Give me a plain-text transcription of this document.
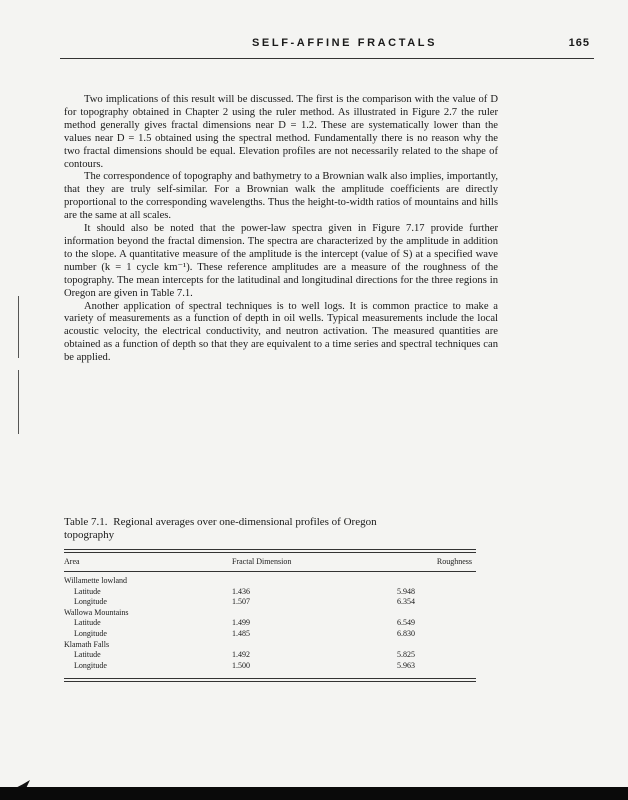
SELF-AFFINE FRACTALS	165

Two implications of this result will be discussed. The first is the comparison with the value of D for topography obtained in Chapter 2 using the ruler method. As illustrated in Figure 2.7 the ruler method generally gives fractal dimensions near D = 1.2. These are systematically lower than the values near D = 1.5 obtained using the spectral method. Fundamentally there is no reason why the two fractal dimensions should be equal. Elevation profiles are not necessarily related to the shape of contours.

The correspondence of topography and bathymetry to a Brownian walk also implies, importantly, that they are truly self-similar. For a Brownian walk the amplitude coefficients are directly proportional to the corresponding wavelengths. Thus the height-to-width ratios of mountains and hills are the same at all scales.

It should also be noted that the power-law spectra given in Figure 7.17 provide further information beyond the fractal dimension. The spectra are characterized by the amplitude in addition to the slope. A quantitative measure of the amplitude is the intercept (value of S) at a specified wave number (k = 1 cycle km⁻¹). These reference amplitudes are a measure of the roughness of the topography. The mean intercepts for the latitudinal and longitudinal directions for the three regions in Oregon are given in Table 7.1.

Another application of spectral techniques is to well logs. It is common practice to make a variety of measurements as a function of depth in oil wells. Typical measurements include the local acoustic velocity, the electrical conductivity, and neutron activation. The measured quantities are obtained as a function of depth so that they are equivalent to a time series and spectral techniques can be applied.

Table 7.1. Regional averages over one-dimensional profiles of Oregon topography
Area	Fractal Dimension	Roughness
Willamette lowland
Latitude	1.436	5.948
Longitude	1.507	6.354
Wallowa Mountains
Latitude	1.499	6.549
Longitude	1.485	6.830
Klamath Falls
Latitude	1.492	5.825
Longitude	1.500	5.963
